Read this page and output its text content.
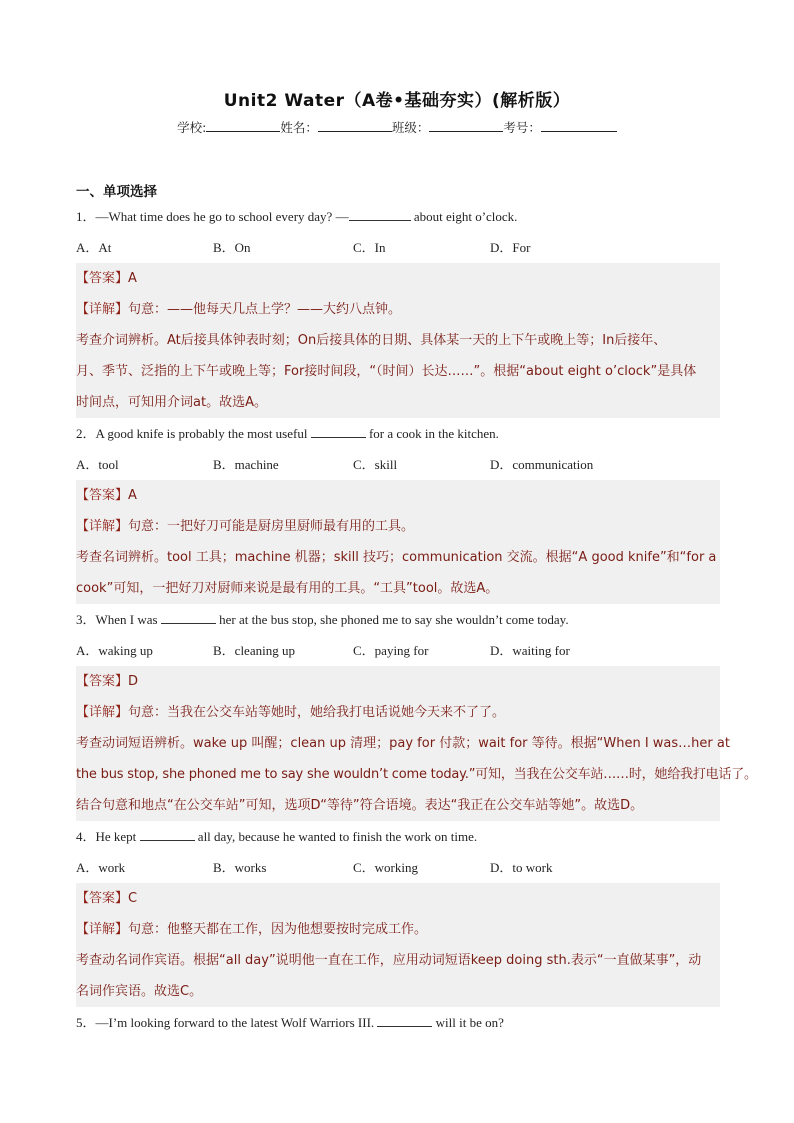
Unit2 Water（A卷•基础夯实）(解析版）
学校:	姓名：	班级：	考号：
一、单项选择
1．—What time does he go to school every day? —	about eight o’clock.
A．At	B．On	C．In	D．For
【答案】A
【详解】句意：——他每天几点上学？——大约八点钟。
考查介词辨析。At后接具体钟表时刻；On后接具体的日期、具体某一天的上下午或晚上等；In后接年、
月、季节、泛指的上下午或晚上等；For接时间段，“（时间）长达……”。根据“about eight o’clock”是具体
时间点，可知用介词at。故选A。
2．A good knife is probably the most useful	for a cook in the kitchen.
A．tool	B．machine	C．skill	D．communication
【答案】A
【详解】句意：一把好刀可能是厨房里厨师最有用的工具。
考查名词辨析。tool 工具；machine 机器；skill 技巧；communication 交流。根据“A good knife”和“for a
cook”可知，一把好刀对厨师来说是最有用的工具。“工具”tool。故选A。
3．When I was	her at the bus stop, she phoned me to say she wouldn’t come today.
A．waking up	B．cleaning up	C．paying for	D．waiting for
【答案】D
【详解】句意：当我在公交车站等她时，她给我打电话说她今天来不了了。
考查动词短语辨析。wake up 叫醒；clean up 清理；pay for 付款；wait for 等待。根据“When I was…her at
the bus stop, she phoned me to say she wouldn’t come today.”可知，当我在公交车站……时，她给我打电话了。
结合句意和地点“在公交车站”可知，选项D“等待”符合语境。表达“我正在公交车站等她”。故选D。
4．He kept	all day, because he wanted to finish the work on time.
A．work	B．works	C．working	D．to work
【答案】C
【详解】句意：他整天都在工作，因为他想要按时完成工作。
考查动名词作宾语。根据“all day”说明他一直在工作，应用动词短语keep doing sth.表示“一直做某事”，动
名词作宾语。故选C。
5．—I’m looking forward to the latest Wolf Warriors III.	will it be on?
